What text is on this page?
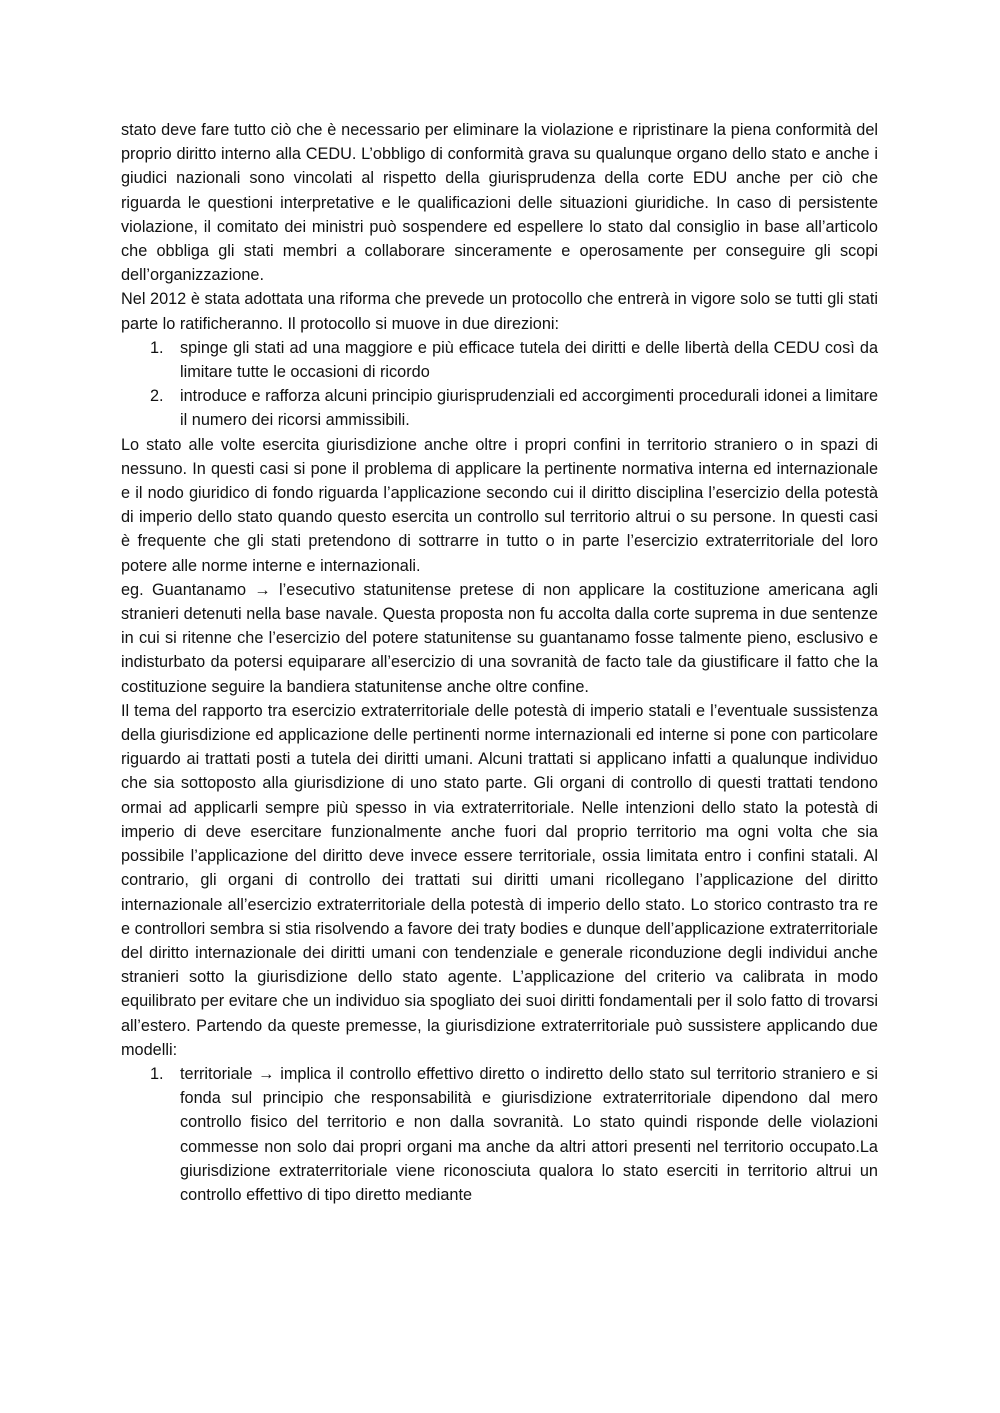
stato deve fare tutto ciò che è necessario per eliminare la violazione e ripristinare la piena conformità del proprio diritto interno alla CEDU. L’obbligo di conformità grava su qualunque organo dello stato e anche i giudici nazionali sono vincolati al rispetto della giurisprudenza della corte EDU anche per ciò che riguarda le questioni interpretative e le qualificazioni delle situazioni giuridiche. In caso di persistente violazione, il comitato dei ministri può sospendere ed espellere lo stato dal consiglio in base all’articolo che obbliga gli stati membri a collaborare sinceramente e operosamente per conseguire gli scopi dell’organizzazione.

Nel 2012 è stata adottata una riforma che prevede un protocollo che entrerà in vigore solo se tutti gli stati parte lo ratificheranno. Il protocollo si muove in due direzioni:

1. spinge gli stati ad una maggiore e più efficace tutela dei diritti e delle libertà della CEDU così da limitare tutte le occasioni di ricordo
2. introduce e rafforza alcuni principio giurisprudenziali ed accorgimenti procedurali idonei a limitare il numero dei ricorsi ammissibili.

Lo stato alle volte esercita giurisdizione anche oltre i propri confini in territorio straniero o in spazi di nessuno. In questi casi si pone il problema di applicare la pertinente normativa interna ed internazionale e il nodo giuridico di fondo riguarda l’applicazione secondo cui il diritto disciplina l’esercizio della potestà di imperio dello stato quando questo esercita un controllo sul territorio altrui o su persone. In questi casi è frequente che gli stati pretendono di sottrarre in tutto o in parte l’esercizio extraterritoriale del loro potere alle norme interne e internazionali.

eg. Guantanamo → l’esecutivo statunitense pretese di non applicare la costituzione americana agli stranieri detenuti nella base navale. Questa proposta non fu accolta dalla corte suprema in due sentenze in cui si ritenne che l’esercizio del potere statunitense su guantanamo fosse talmente pieno, esclusivo e indisturbato da potersi equiparare all’esercizio di una sovranità de facto tale da giustificare il fatto che la costituzione seguire la bandiera statunitense anche oltre confine.

Il tema del rapporto tra esercizio extraterritoriale delle potestà di imperio statali e l’eventuale sussistenza della giurisdizione ed applicazione delle pertinenti norme internazionali ed interne si pone con particolare riguardo ai trattati posti a tutela dei diritti umani. Alcuni trattati si applicano infatti a qualunque individuo che sia sottoposto alla giurisdizione di uno stato parte. Gli organi di controllo di questi trattati tendono ormai ad applicarli sempre più spesso in via extraterritoriale. Nelle intenzioni dello stato la potestà di imperio di deve esercitare funzionalmente anche fuori dal proprio territorio ma ogni volta che sia possibile l’applicazione del diritto deve invece essere territoriale, ossia limitata entro i confini statali. Al contrario, gli organi di controllo dei trattati sui diritti umani ricollegano l’applicazione del diritto internazionale all’esercizio extraterritoriale della potestà di imperio dello stato. Lo storico contrasto tra re e controllori sembra si stia risolvendo a favore dei traty bodies e dunque dell’applicazione extraterritoriale del diritto internazionale dei diritti umani con tendenziale e generale riconduzione degli individui anche stranieri sotto la giurisdizione dello stato agente. L’applicazione del criterio va calibrata in modo equilibrato per evitare che un individuo sia spogliato dei suoi diritti fondamentali per il solo fatto di trovarsi all’estero. Partendo da queste premesse, la giurisdizione extraterritoriale può sussistere applicando due modelli:

1. territoriale → implica il controllo effettivo diretto o indiretto dello stato sul territorio straniero e si fonda sul principio che responsabilità e giurisdizione extraterritoriale dipendono dal mero controllo fisico del territorio e non dalla sovranità. Lo stato quindi risponde delle violazioni commesse non solo dai propri organi ma anche da altri attori presenti nel territorio occupato.La giurisdizione extraterritoriale viene riconosciuta qualora lo stato eserciti in territorio altrui un controllo effettivo di tipo diretto mediante
